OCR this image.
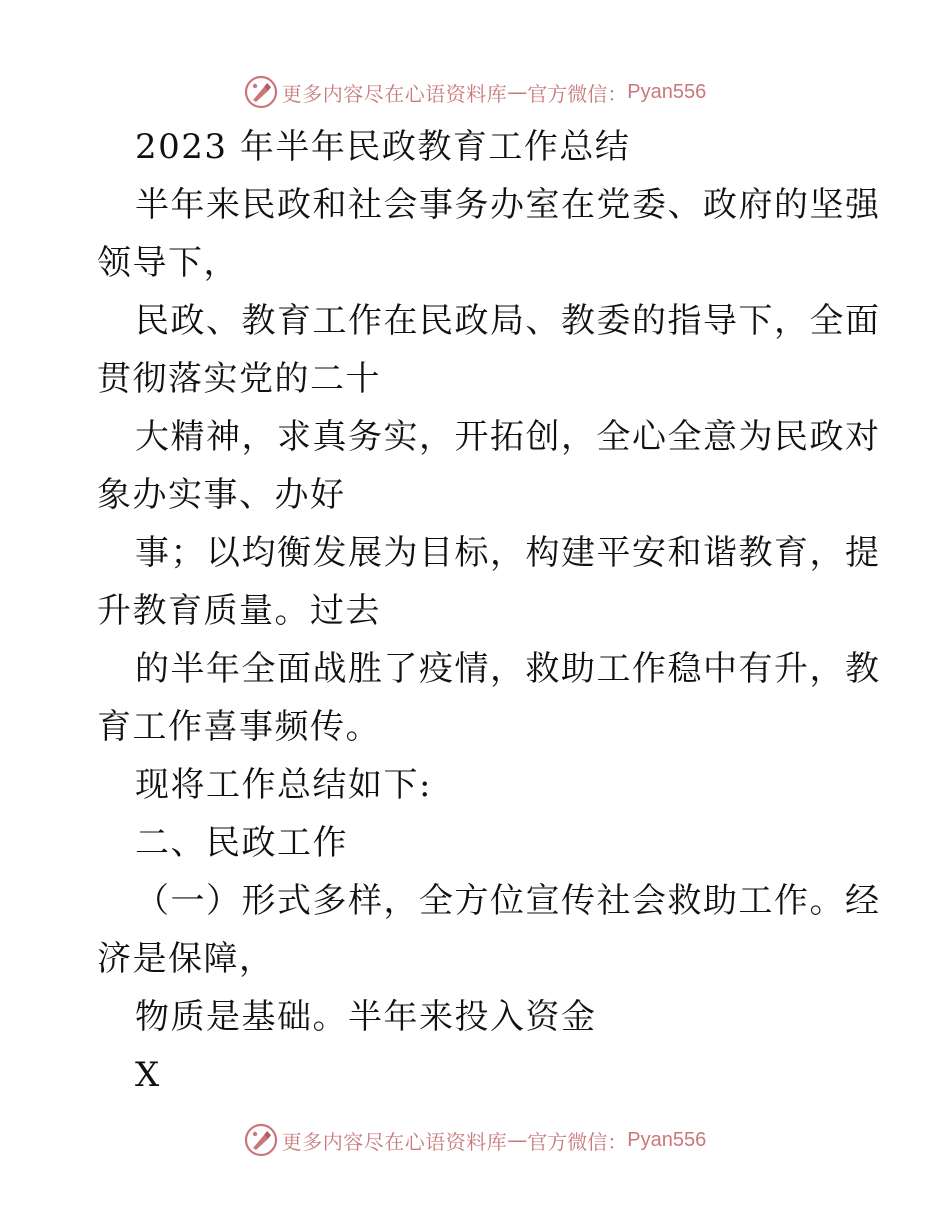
更多内容尽在心语资料库 — 官方微信： Pyan556
2023 年半年民政教育工作总结
半年来民政和社会事务办室在党委、政府的坚强
领导下，
民政、教育工作在民政局、教委的指导下，全面
贯彻落实党的二十
大精神，求真务实，开拓创，全心全意为民政对
象办实事、办好
事；以均衡发展为目标，构建平安和谐教育，提
升教育质量。过去
的半年全面战胜了疫情，救助工作稳中有升，教
育工作喜事频传。
现将工作总结如下:
二、民政工作
（一）形式多样，全方位宣传社会救助工作。经
济是保障，
物质是基础。半年来投入资金
X
更多内容尽在心语资料库 — 官方微信： Pyan556
